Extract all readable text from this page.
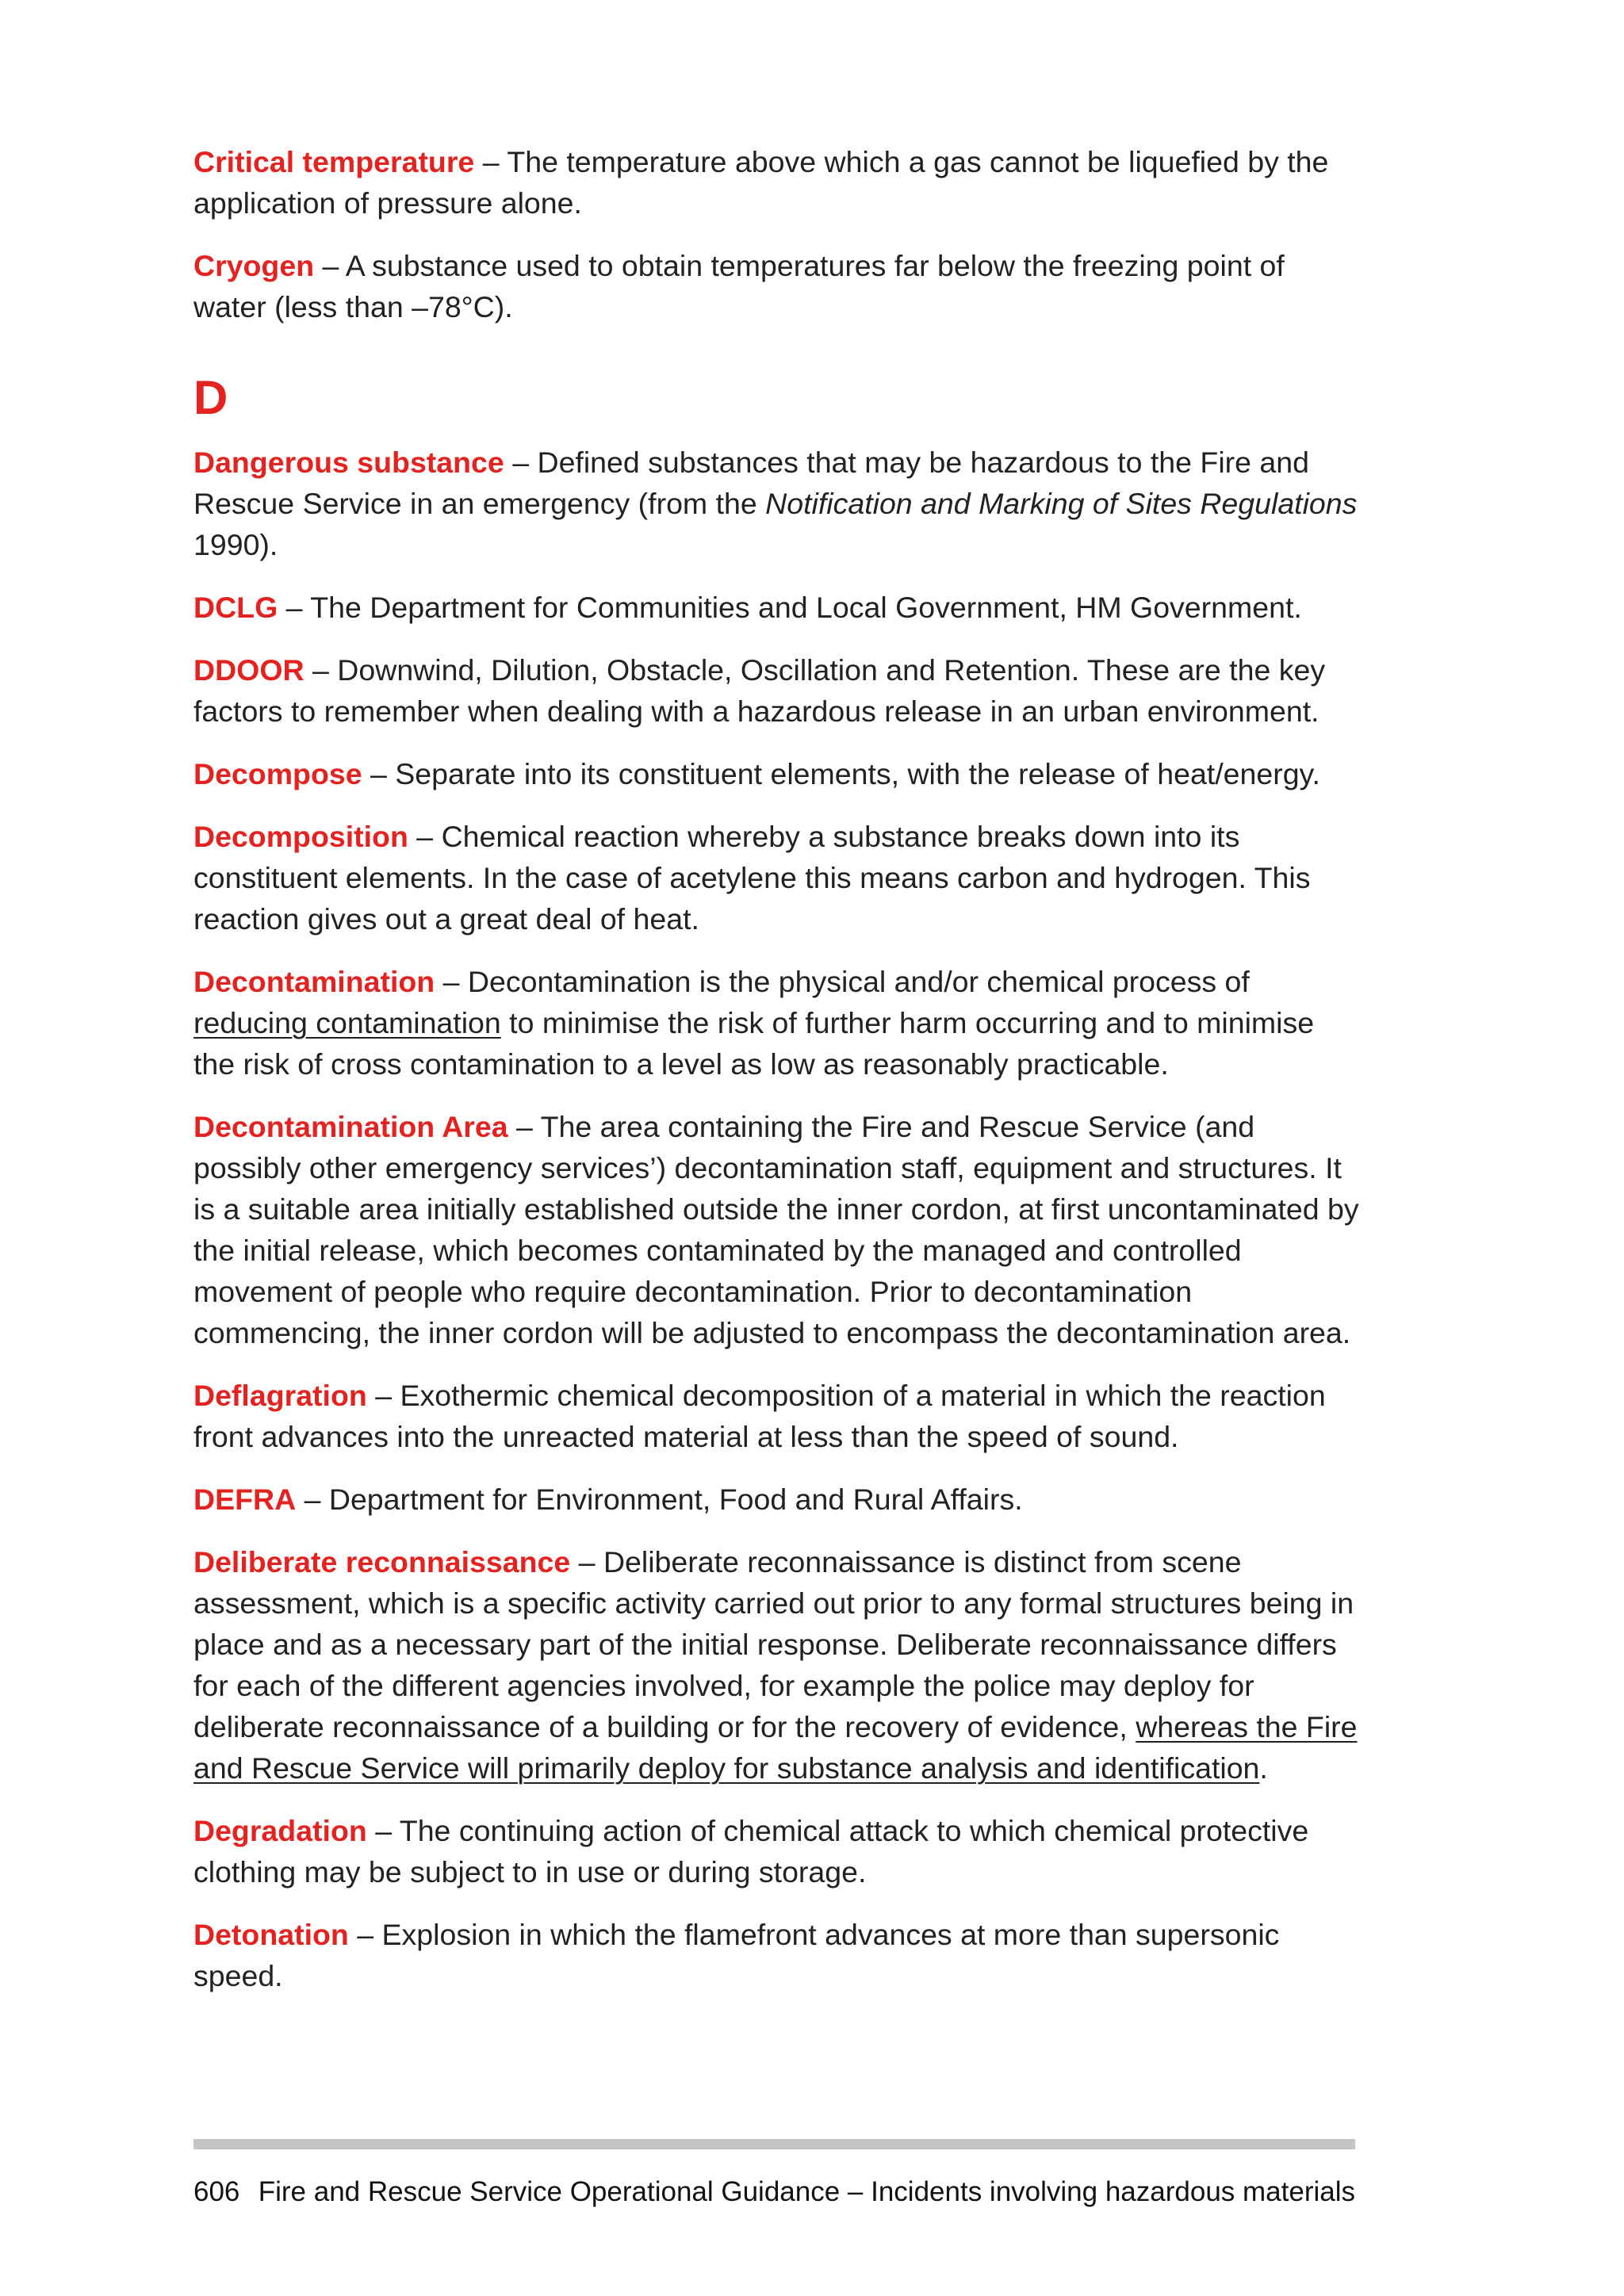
Critical temperature – The temperature above which a gas cannot be liquefied by the application of pressure alone.

Cryogen – A substance used to obtain temperatures far below the freezing point of water (less than –78°C).

D

Dangerous substance – Defined substances that may be hazardous to the Fire and Rescue Service in an emergency (from the Notification and Marking of Sites Regulations 1990).

DCLG – The Department for Communities and Local Government, HM Government.

DDOOR – Downwind, Dilution, Obstacle, Oscillation and Retention. These are the key factors to remember when dealing with a hazardous release in an urban environment.

Decompose – Separate into its constituent elements, with the release of heat/energy.

Decomposition – Chemical reaction whereby a substance breaks down into its constituent elements. In the case of acetylene this means carbon and hydrogen. This reaction gives out a great deal of heat.

Decontamination – Decontamination is the physical and/or chemical process of reducing contamination to minimise the risk of further harm occurring and to minimise the risk of cross contamination to a level as low as reasonably practicable.

Decontamination Area – The area containing the Fire and Rescue Service (and possibly other emergency services’) decontamination staff, equipment and structures. It is a suitable area initially established outside the inner cordon, at first uncontaminated by the initial release, which becomes contaminated by the managed and controlled movement of people who require decontamination. Prior to decontamination commencing, the inner cordon will be adjusted to encompass the decontamination area.

Deflagration – Exothermic chemical decomposition of a material in which the reaction front advances into the unreacted material at less than the speed of sound.

DEFRA – Department for Environment, Food and Rural Affairs.

Deliberate reconnaissance – Deliberate reconnaissance is distinct from scene assessment, which is a specific activity carried out prior to any formal structures being in place and as a necessary part of the initial response. Deliberate reconnaissance differs for each of the different agencies involved, for example the police may deploy for deliberate reconnaissance of a building or for the recovery of evidence, whereas the Fire and Rescue Service will primarily deploy for substance analysis and identification.

Degradation – The continuing action of chemical attack to which chemical protective clothing may be subject to in use or during storage.

Detonation – Explosion in which the flamefront advances at more than supersonic speed.

606 Fire and Rescue Service Operational Guidance – Incidents involving hazardous materials
